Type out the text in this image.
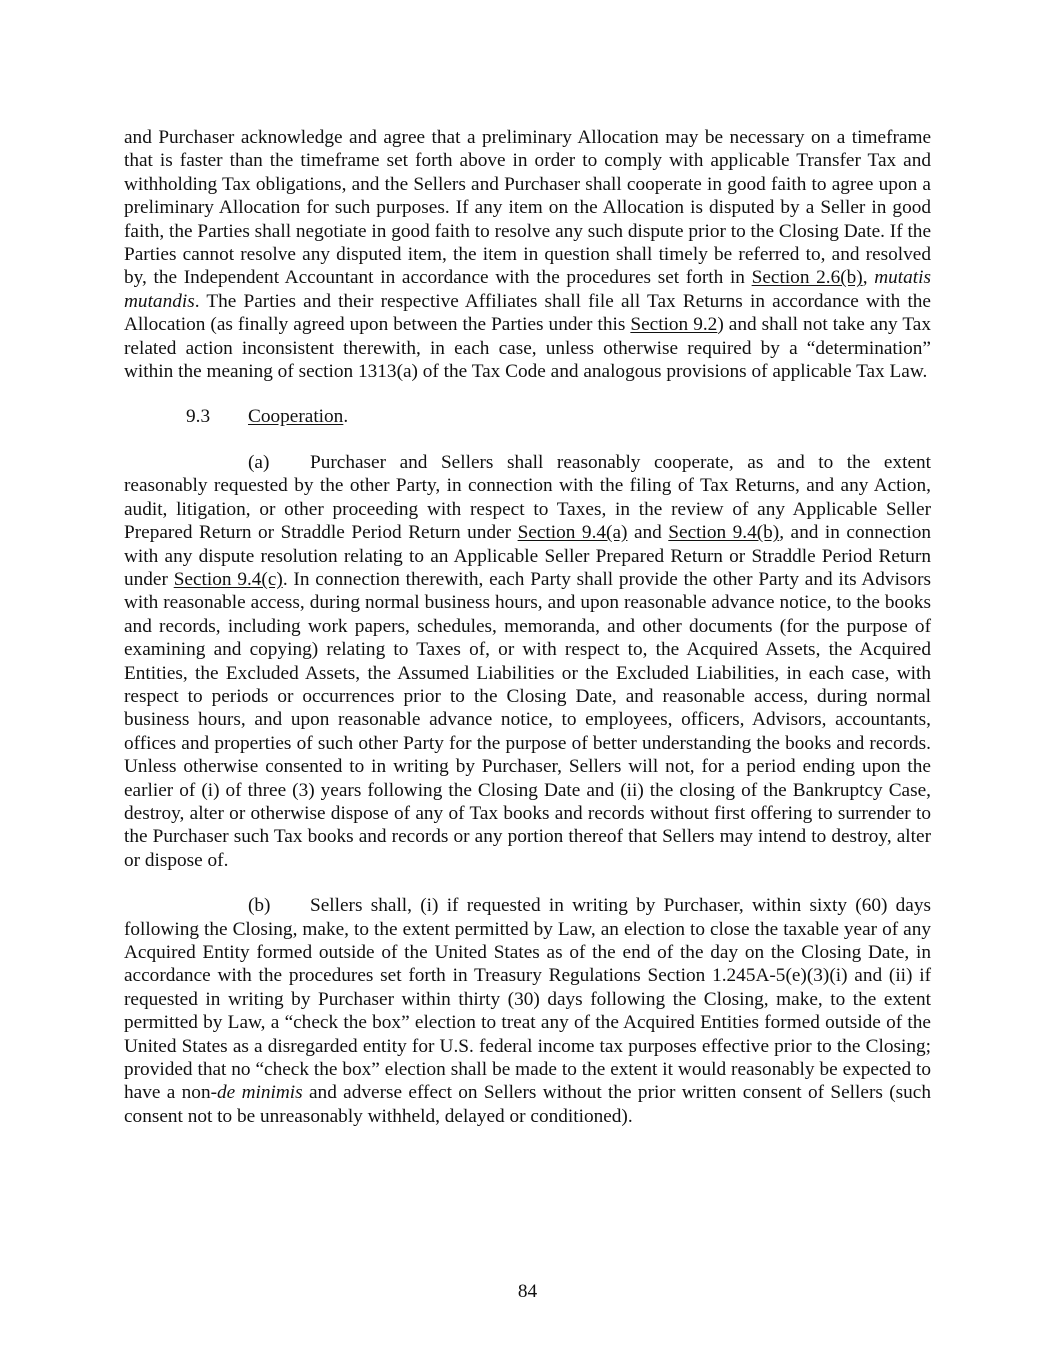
and Purchaser acknowledge and agree that a preliminary Allocation may be necessary on a timeframe that is faster than the timeframe set forth above in order to comply with applicable Transfer Tax and withholding Tax obligations, and the Sellers and Purchaser shall cooperate in good faith to agree upon a preliminary Allocation for such purposes. If any item on the Allocation is disputed by a Seller in good faith, the Parties shall negotiate in good faith to resolve any such dispute prior to the Closing Date. If the Parties cannot resolve any disputed item, the item in question shall timely be referred to, and resolved by, the Independent Accountant in accordance with the procedures set forth in Section 2.6(b), mutatis mutandis. The Parties and their respective Affiliates shall file all Tax Returns in accordance with the Allocation (as finally agreed upon between the Parties under this Section 9.2) and shall not take any Tax related action inconsistent therewith, in each case, unless otherwise required by a “determination” within the meaning of section 1313(a) of the Tax Code and analogous provisions of applicable Tax Law.

9.3 Cooperation.

(a) Purchaser and Sellers shall reasonably cooperate, as and to the extent reasonably requested by the other Party, in connection with the filing of Tax Returns, and any Action, audit, litigation, or other proceeding with respect to Taxes, in the review of any Applicable Seller Prepared Return or Straddle Period Return under Section 9.4(a) and Section 9.4(b), and in connection with any dispute resolution relating to an Applicable Seller Prepared Return or Straddle Period Return under Section 9.4(c). In connection therewith, each Party shall provide the other Party and its Advisors with reasonable access, during normal business hours, and upon reasonable advance notice, to the books and records, including work papers, schedules, memoranda, and other documents (for the purpose of examining and copying) relating to Taxes of, or with respect to, the Acquired Assets, the Acquired Entities, the Excluded Assets, the Assumed Liabilities or the Excluded Liabilities, in each case, with respect to periods or occurrences prior to the Closing Date, and reasonable access, during normal business hours, and upon reasonable advance notice, to employees, officers, Advisors, accountants, offices and properties of such other Party for the purpose of better understanding the books and records. Unless otherwise consented to in writing by Purchaser, Sellers will not, for a period ending upon the earlier of (i) of three (3) years following the Closing Date and (ii) the closing of the Bankruptcy Case, destroy, alter or otherwise dispose of any of Tax books and records without first offering to surrender to the Purchaser such Tax books and records or any portion thereof that Sellers may intend to destroy, alter or dispose of.

(b) Sellers shall, (i) if requested in writing by Purchaser, within sixty (60) days following the Closing, make, to the extent permitted by Law, an election to close the taxable year of any Acquired Entity formed outside of the United States as of the end of the day on the Closing Date, in accordance with the procedures set forth in Treasury Regulations Section 1.245A-5(e)(3)(i) and (ii) if requested in writing by Purchaser within thirty (30) days following the Closing, make, to the extent permitted by Law, a “check the box” election to treat any of the Acquired Entities formed outside of the United States as a disregarded entity for U.S. federal income tax purposes effective prior to the Closing; provided that no “check the box” election shall be made to the extent it would reasonably be expected to have a non-de minimis and adverse effect on Sellers without the prior written consent of Sellers (such consent not to be unreasonably withheld, delayed or conditioned).

84
